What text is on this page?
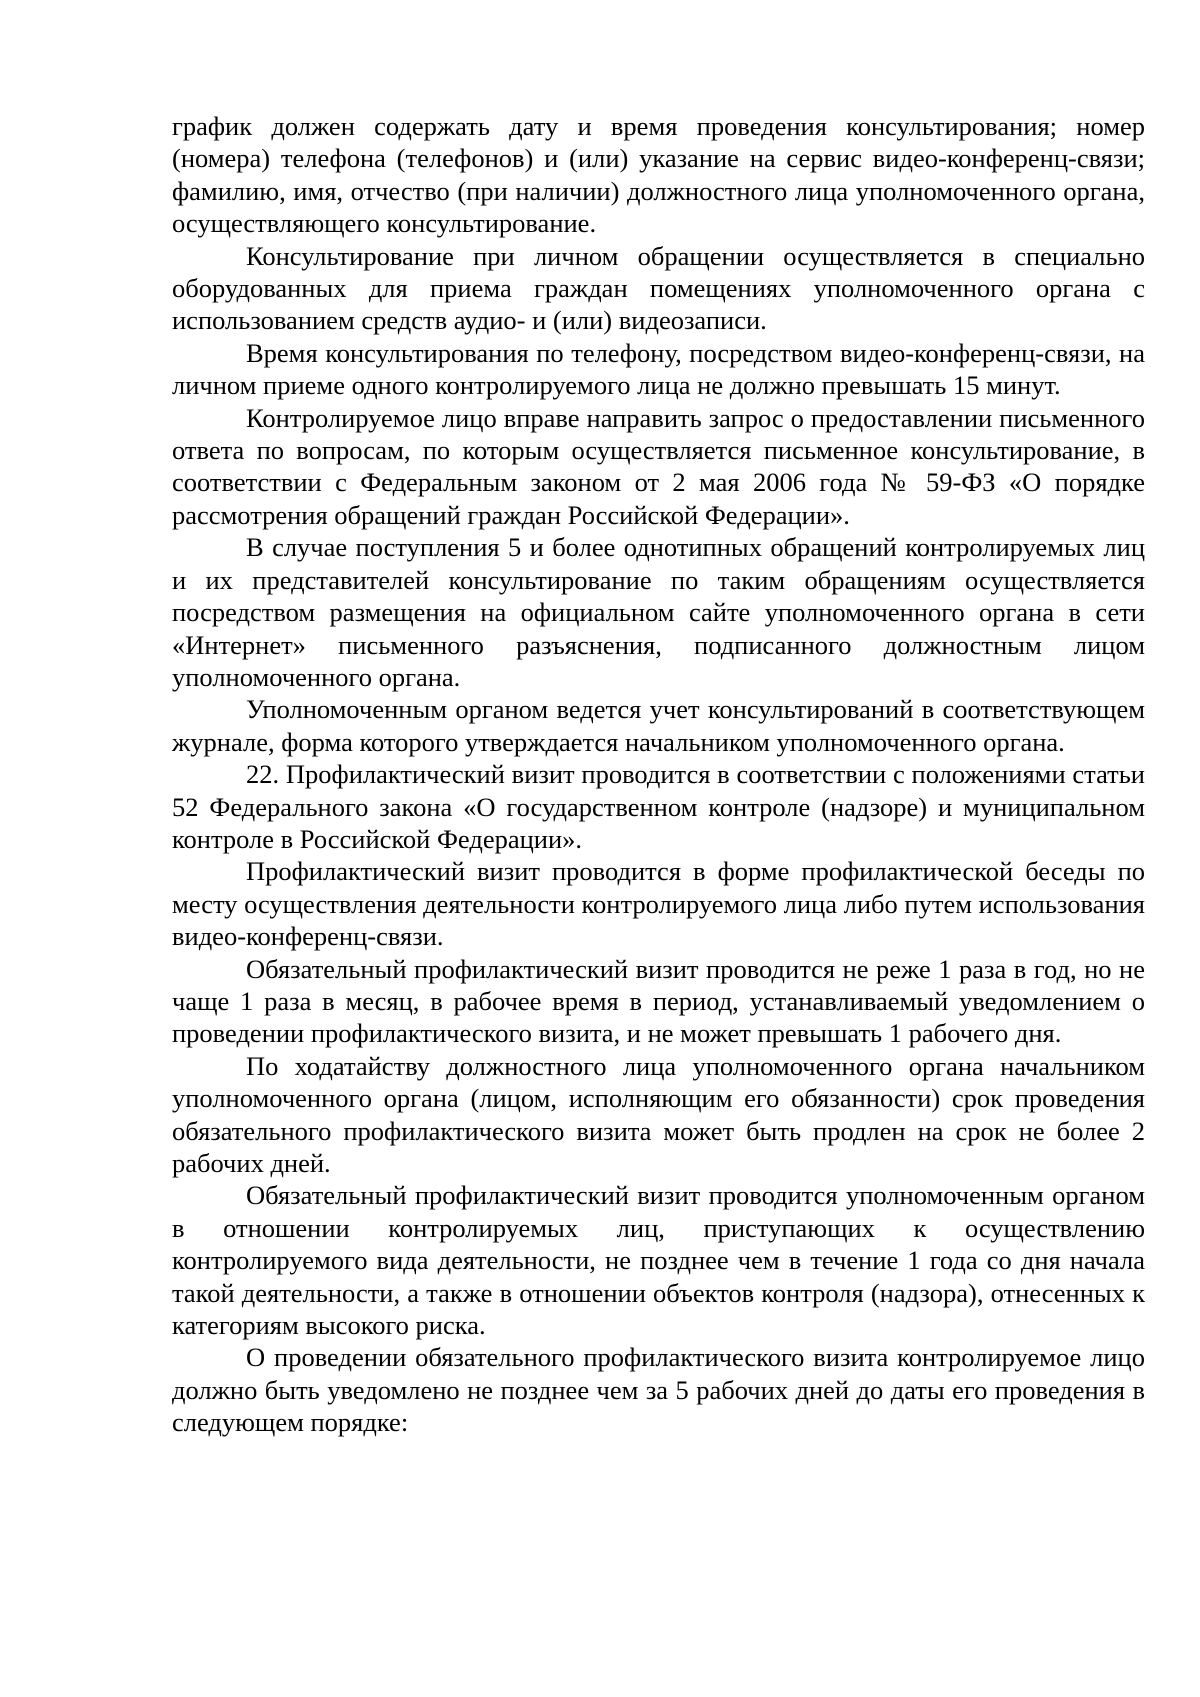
график должен содержать дату и время проведения консультирования; номер (номера) телефона (телефонов) и (или) указание на сервис видео-конференц-связи; фамилию, имя, отчество (при наличии) должностного лица уполномоченного органа, осуществляющего консультирование.

Консультирование при личном обращении осуществляется в специально оборудованных для приема граждан помещениях уполномоченного органа с использованием средств аудио- и (или) видеозаписи.

Время консультирования по телефону, посредством видео-конференц-связи, на личном приеме одного контролируемого лица не должно превышать 15 минут.

Контролируемое лицо вправе направить запрос о предоставлении письменного ответа по вопросам, по которым осуществляется письменное консультирование, в соответствии с Федеральным законом от 2 мая 2006 года № 59-ФЗ «О порядке рассмотрения обращений граждан Российской Федерации».

В случае поступления 5 и более однотипных обращений контролируемых лиц и их представителей консультирование по таким обращениям осуществляется посредством размещения на официальном сайте уполномоченного органа в сети «Интернет» письменного разъяснения, подписанного должностным лицом уполномоченного органа.

Уполномоченным органом ведется учет консультирований в соответствующем журнале, форма которого утверждается начальником уполномоченного органа.

22. Профилактический визит проводится в соответствии с положениями статьи 52 Федерального закона «О государственном контроле (надзоре) и муниципальном контроле в Российской Федерации».

Профилактический визит проводится в форме профилактической беседы по месту осуществления деятельности контролируемого лица либо путем использования видео-конференц-связи.

Обязательный профилактический визит проводится не реже 1 раза в год, но не чаще 1 раза в месяц, в рабочее время в период, устанавливаемый уведомлением о проведении профилактического визита, и не может превышать 1 рабочего дня.

По ходатайству должностного лица уполномоченного органа начальником уполномоченного органа (лицом, исполняющим его обязанности) срок проведения обязательного профилактического визита может быть продлен на срок не более 2 рабочих дней.

Обязательный профилактический визит проводится уполномоченным органом в отношении контролируемых лиц, приступающих к осуществлению контролируемого вида деятельности, не позднее чем в течение 1 года со дня начала такой деятельности, а также в отношении объектов контроля (надзора), отнесенных к категориям высокого риска.

О проведении обязательного профилактического визита контролируемое лицо должно быть уведомлено не позднее чем за 5 рабочих дней до даты его проведения в следующем порядке:
